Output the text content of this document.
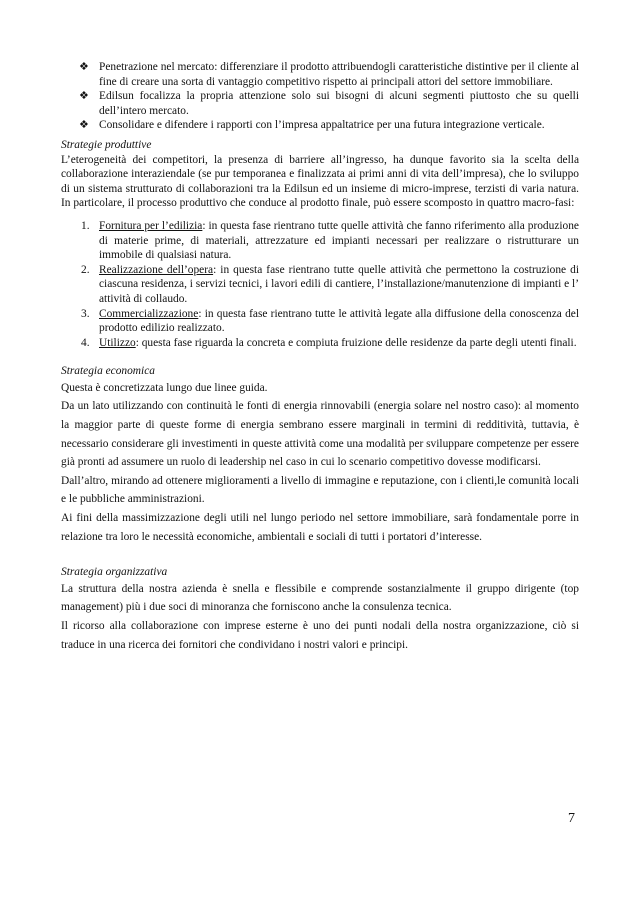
❖ Penetrazione nel mercato: differenziare il prodotto attribuendogli caratteristiche distintive per il cliente al fine di creare una sorta di vantaggio competitivo rispetto ai principali attori del settore immobiliare.
❖ Edilsun focalizza la propria attenzione solo sui bisogni di alcuni segmenti piuttosto che su quelli dell’intero mercato.
❖ Consolidare e difendere i rapporti con l’impresa appaltatrice per una futura integrazione verticale.
Strategie produttive

L’eterogeneità dei competitori, la presenza di barriere all’ingresso, ha dunque favorito sia la scelta della collaborazione interaziendale (se pur temporanea e finalizzata ai primi anni di vita dell’impresa), che lo sviluppo di un sistema strutturato di collaborazioni tra la Edilsun ed un insieme di micro-imprese, terzisti di varia natura. In particolare, il processo produttivo che conduce al prodotto finale, può essere scomposto in quattro macro-fasi:

1. Fornitura per l’edilizia: in questa fase rientrano tutte quelle attività che fanno riferimento alla produzione di materie prime, di materiali, attrezzature ed impianti necessari per realizzare o ristrutturare un immobile di qualsiasi natura.
2. Realizzazione dell’opera: in questa fase rientrano tutte quelle attività che permettono la costruzione di ciascuna residenza, i servizi tecnici, i lavori edili di cantiere, l’installazione/manutenzione di impianti e l’ attività di collaudo.
3. Commercializzazione: in questa fase rientrano tutte le attività legate alla diffusione della conoscenza del prodotto edilizio realizzato.
4. Utilizzo: questa fase riguarda la concreta e compiuta fruizione delle residenze da parte degli utenti finali.
Strategia economica

Questa è concretizzata lungo due linee guida.

Da un lato utilizzando con continuità le fonti di energia rinnovabili (energia solare nel nostro caso): al momento la maggior parte di queste forme di energia sembrano essere marginali in termini di redditività, tuttavia, è necessario considerare gli investimenti in queste attività come una modalità per sviluppare competenze per essere già pronti ad assumere un ruolo di leadership nel caso in cui lo scenario competitivo dovesse modificarsi.

Dall’altro, mirando ad ottenere miglioramenti a livello di immagine e reputazione, con i clienti,le comunità locali e le pubbliche amministrazioni.

Ai fini della massimizzazione degli utili nel lungo periodo nel settore immobiliare, sarà fondamentale porre in relazione tra loro le necessità economiche, ambientali e sociali di tutti i portatori d’interesse.

Strategia organizzativa

La struttura della nostra azienda è snella e flessibile e comprende sostanzialmente il gruppo dirigente (top management) più i due soci di minoranza che forniscono anche la consulenza tecnica.

Il ricorso alla collaborazione con imprese esterne è uno dei punti nodali della nostra organizzazione, ciò si traduce in una ricerca dei fornitori che condividano i nostri valori e principi.

7
